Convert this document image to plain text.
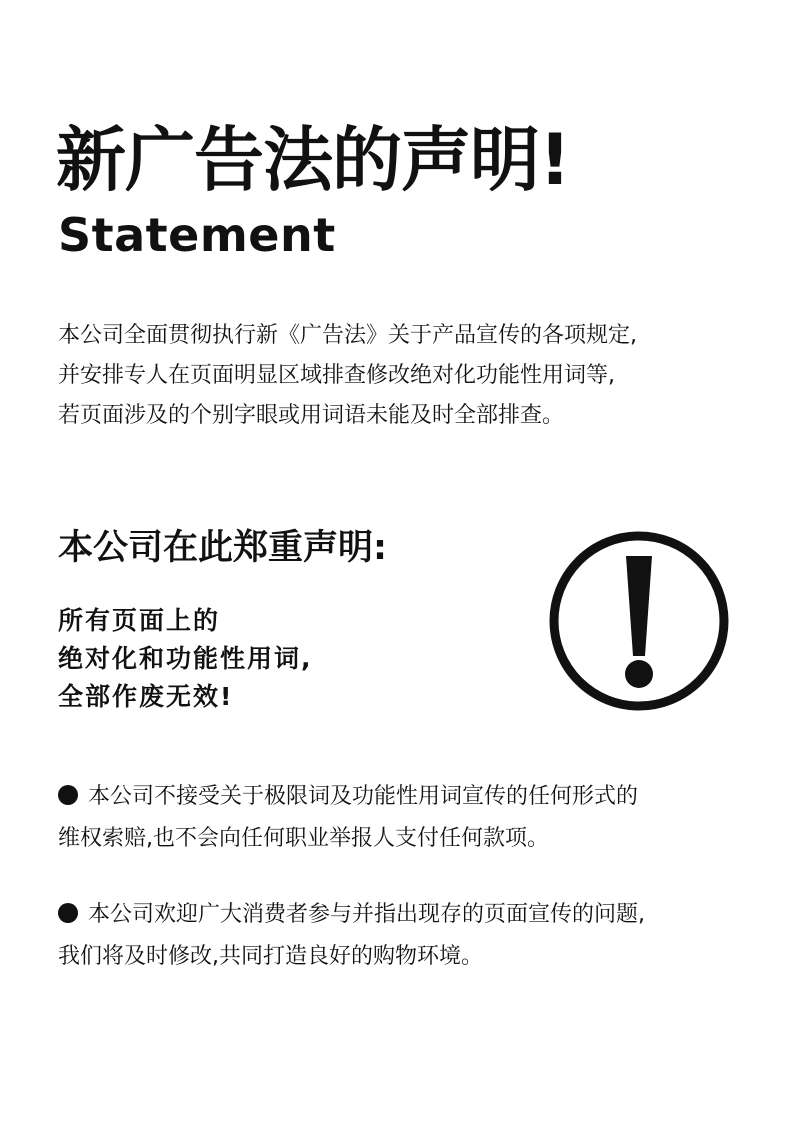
新广告法的声明!
Statement

本公司全面贯彻执行新《广告法》关于产品宣传的各项规定,

并安排专人在页面明显区域排查修改绝对化功能性用词等,

若页面涉及的个别字眼或用词语未能及时全部排查。

本公司在此郑重声明:

所有页面上的

绝对化和功能性用词,

全部作废无效!

本公司不接受关于极限词及功能性用词宣传的任何形式的

维权索赔,也不会向任何职业举报人支付任何款项。

本公司欢迎广大消费者参与并指出现存的页面宣传的问题,

我们将及时修改,共同打造良好的购物环境。
